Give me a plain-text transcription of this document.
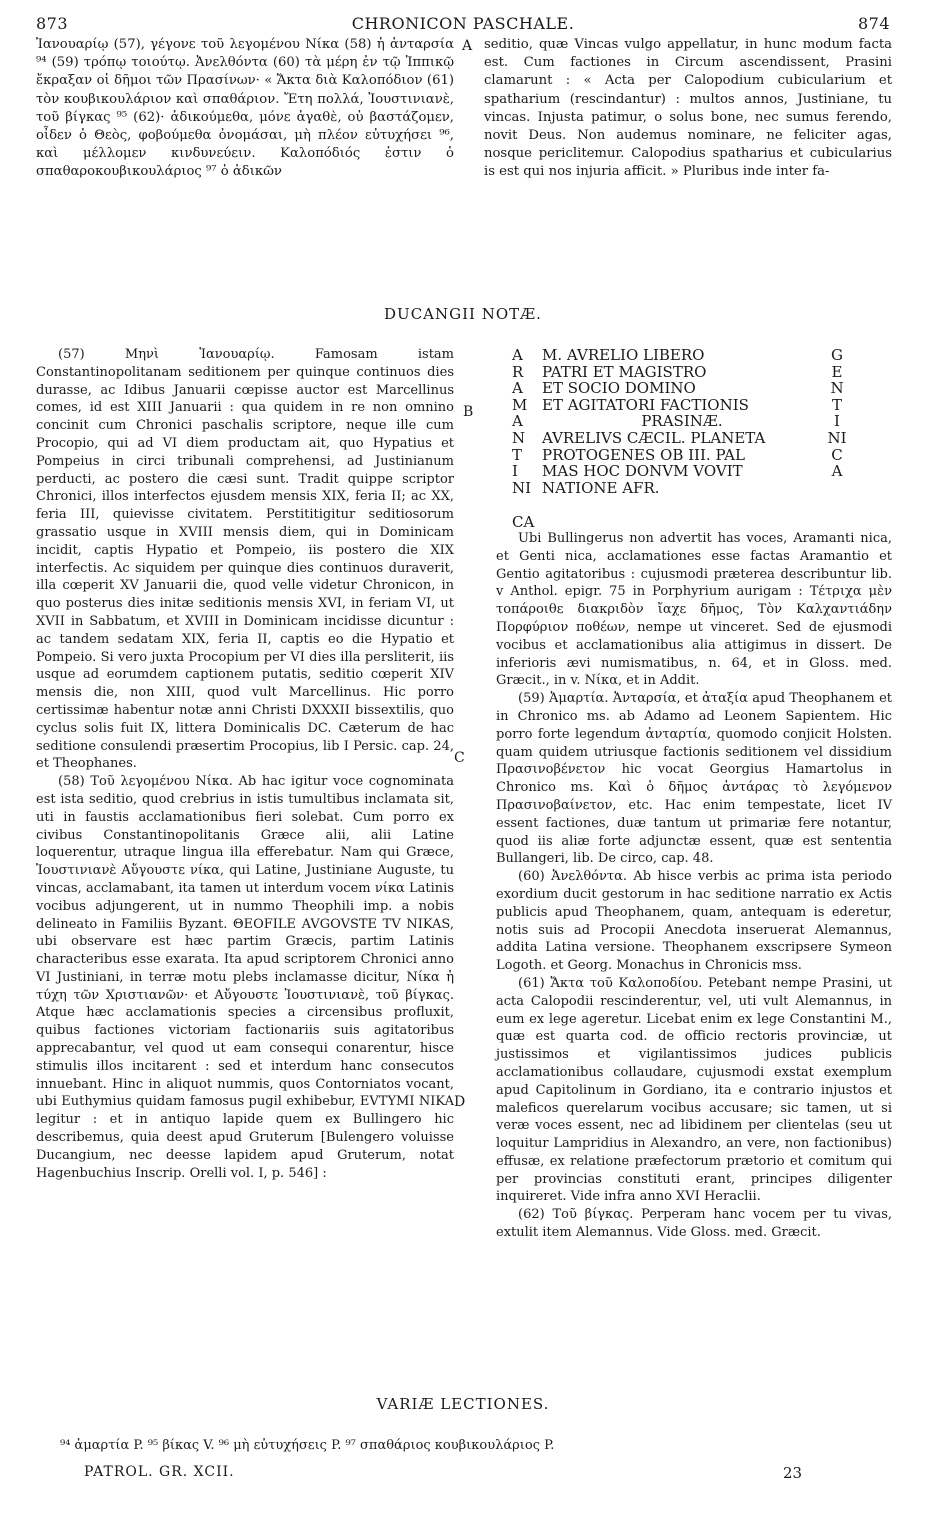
873	CHRONICON PASCHALE.	874

Ἰανουαρίῳ (57), γέγονε τοῦ λεγομένου Νίκα (58) ἡ ἀνταρσία ⁹⁴ (59) τρόπῳ τοιούτῳ. Ἀνελθόντα (60) τὰ μέρη ἐν τῷ Ἱππικῷ ἔκραξαν οἱ δῆμοι τῶν Πρασίνων· « Ἄκτα διὰ Καλοπόδιον (61) τὸν κουβικουλάριον καὶ σπαθάριον. Ἔτη πολλά, Ἰουστινιανὲ, τοῦ βίγκας ⁹⁵ (62)· ἀδικούμεθα, μόνε ἀγαθὲ, οὐ βαστάζομεν, οἶδεν ὁ Θεὸς, φοβούμεθα ὀνομάσαι, μὴ πλέον εὐτυχήσει ⁹⁶, καὶ μέλλομεν κινδυνεύειν. Καλοπόδιός ἐστιν ὁ σπαθαροκουβικουλάριος ⁹⁷ ὁ ἀδικῶν

A seditio, quæ Vincas vulgo appellatur, in hunc modum facta est. Cum factiones in Circum ascendissent, Prasini clamarunt : « Acta per Calopodium cubicularium et spatharium (rescindantur) : multos annos, Justiniane, tu vincas. Injusta patimur, o solus bone, nec sumus ferendo, novit Deus. Non audemus nominare, ne feliciter agas, nosque periclitemur. Calopodius spatharius et cubicularius is est qui nos injuria afficit. » Pluribus inde inter fa-

DUCANGII NOTÆ.

(57) Μηνὶ Ἰανουαρίῳ. Famosam istam Constantinopolitanam seditionem per quinque continuos dies durasse, ac Idibus Januarii cœpisse auctor est Marcellinus comes, id est XIII Januarii : qua quidem in re non omnino concinit cum Chronici paschalis scriptore, neque ille cum Procopio, qui ad VI diem productam ait, quo Hypatius et Pompeius in circi tribunali comprehensi, ad Justinianum perducti, ac postero die cæsi sunt. Tradit quippe scriptor Chronici, illos interfectos ejusdem mensis XIX, feria II; ac XX, feria III, quievisse civitatem. Perstititigitur seditiosorum grassatio usque in XVIII mensis diem, qui in Dominicam incidit, captis Hypatio et Pompeio, iis postero die XIX interfectis. Ac siquidem per quinque dies continuos duraverit, illa cœperit XV Januarii die, quod velle videtur Chronicon, in quo posterus dies initæ seditionis mensis XVI, in feriam VI, ut XVII in Sabbatum, et XVIII in Dominicam incidisse dicuntur : ac tandem sedatam XIX, feria II, captis eo die Hypatio et Pompeio. Si vero juxta Procopium per VI dies illa persliterit, iis usque ad eorumdem captionem putatis, seditio cœperit XIV mensis die, non XIII, quod vult Marcellinus. Hic porro certissimæ habentur notæ anni Christi DXXXII bissextilis, quo cyclus solis fuit IX, littera Dominicalis DC. Cæterum de hac seditione consulendi præsertim Procopius, lib I Persic. cap. 24, et Theophanes.

(58) Τοῦ λεγομένου Νίκα. Ab hac igitur voce cognominata est ista seditio, quod crebrius in istis tumultibus inclamata sit, uti in faustis acclamationibus fieri solebat. Cum porro ex civibus Constantinopolitanis Græce alii, alii Latine loquerentur, utraque lingua illa efferebatur. Nam qui Græce, Ἰουστινιανὲ Αὔγουστε νίκα, qui Latine, Justiniane Auguste, tu vincas, acclamabant, ita tamen ut interdum vocem νίκα Latinis vocibus adjungerent, ut in nummo Theophili imp. a nobis delineato in Familiis Byzant. ΘEOFILE AVGOVSTE TV NIKAS, ubi observare est hæc partim Græcis, partim Latinis characteribus esse exarata. Ita apud scriptorem Chronici anno VI Justiniani, in terræ motu plebs inclamasse dicitur, Νίκα ἡ τύχη τῶν Χριστιανῶν· et Αὔγουστε Ἰουστινιανὲ, τοῦ βίγκας. Atque hæc acclamationis species a circensibus profluxit, quibus factiones victoriam factionariis suis agitatoribus apprecabantur, vel quod ut eam consequi conarentur, hisce stimulis illos incitarent : sed et interdum hanc consecutos innuebant. Hinc in aliquot nummis, quos Contorniatos vocant, ubi Euthymius quidam famosus pugil exhibebur, EVTYMI NIKA legitur : et in antiquo lapide quem ex Bullingero hic describemus, quia deest apud Gruterum [Bulengero voluisse Ducangium, nec deesse lapidem apud Gruterum, notat Hagenbuchius Inscrip. Orelli vol. I, p. 546] :

B
C
D
A	M. AVRELIO LIBERO	G
R	PATRI ET MAGISTRO	E
A	ET SOCIO DOMINO	N
M ET AGITATORI FACTIONIS	T
A	PRASINÆ.	I
N	AVRELIVS CÆCIL. PLANETA	NI
T	PROTOGENES OB III. PAL	C
I	MAS HOC DONVM VOVIT	A
NI NATIONE AFR.
CA

Ubi Bullingerus non advertit has voces, Aramanti nica, et Genti nica, acclamationes esse factas Aramantio et Gentio agitatoribus : cujusmodi præterea describuntur lib. v Anthol. epigr. 75 in Porphyrium aurigam : Τέτριχα μὲν τοπάροιθε διακριδὸν ἴαχε δῆμος, Τὸν Καλχαντιάδην Πορφύριον ποθέων, nempe ut vinceret. Sed de ejusmodi vocibus et acclamationibus alia attigimus in dissert. De inferioris ævi numismatibus, n. 64, et in Gloss. med. Græcit., in v. Νίκα, et in Addit.

(59) Ἀμαρτία. Ἀνταρσία, et ἀταξία apud Theophanem et in Chronico ms. ab Adamo ad Leonem Sapientem. Hic porro forte legendum ἀνταρτία, quomodo conjicit Holsten. quam quidem utriusque factionis seditionem vel dissidium Πρασινοβένετον hic vocat Georgius Hamartolus in Chronico ms. Καὶ ὁ δῆμος ἀντάρας τὸ λεγόμενον Πρασινοβαίνετον, etc. Hac enim tempestate, licet IV essent factiones, duæ tantum ut primariæ fere notantur, quod iis aliæ forte adjunctæ essent, quæ est sententia Bullangeri, lib. De circo, cap. 48.

(60) Ἀνελθόντα. Ab hisce verbis ac prima ista periodo exordium ducit gestorum in hac seditione narratio ex Actis publicis apud Theophanem, quam, antequam is ederetur, notis suis ad Procopii Anecdota inseruerat Alemannus, addita Latina versione. Theophanem exscripsere Symeon Logoth. et Georg. Monachus in Chronicis mss.

(61) Ἄκτα τοῦ Καλοποδίου. Petebant nempe Prasini, ut acta Calopodii rescinderentur, vel, uti vult Alemannus, in eum ex lege ageretur. Licebat enim ex lege Constantini M., quæ est quarta cod. de officio rectoris provinciæ, ut justissimos et vigilantissimos judices publicis acclamationibus collaudare, cujusmodi exstat exemplum apud Capitolinum in Gordiano, ita e contrario injustos et maleficos querelarum vocibus accusare; sic tamen, ut si veræ voces essent, nec ad libidinem per clientelas (seu ut loquitur Lampridius in Alexandro, an vere, non factionibus) effusæ, ex relatione præfectorum prætorio et comitum qui per provincias constituti erant, principes diligenter inquireret. Vide infra anno XVI Heraclii.

(62) Τοῦ βίγκας. Perperam hanc vocem per tu vivas, extulit item Alemannus. Vide Gloss. med. Græcit.

VARIÆ LECTIONES.
⁹⁴ ἁμαρτία P. ⁹⁵ βίκας V. ⁹⁶ μὴ εὐτυχήσεις P. ⁹⁷ σπαθάριος κουβικουλάριος P.
PATROL. GR. XCII.	23
